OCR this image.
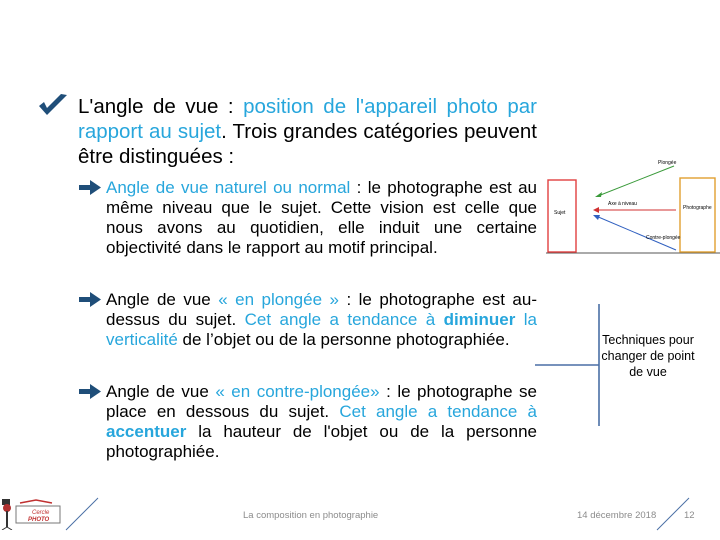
L'angle de vue : position de l'appareil photo par rapport au sujet. Trois grandes catégories peuvent être distinguées :
Angle de vue naturel ou normal : le photographe est au même niveau que le sujet. Cette vision est celle que nous avons au quotidien, elle induit une certaine objectivité dans le rapport au motif principal.
Angle de vue « en plongée » : le photographe est au-dessus du sujet. Cet angle a tendance à diminuer la verticalité de l’objet ou de la personne photographiée.
Angle de vue « en contre-plongée» : le photographe se place en dessous du sujet. Cet angle a tendance à accentuer la hauteur de l'objet ou de la personne photographiée.
Sujet
Photographe
Plongée
Axe à niveau
Contre-plongée
Techniques pour changer de point de vue
Cercle
PHOTO	La composition en photographie	14 décembre 2018	12
